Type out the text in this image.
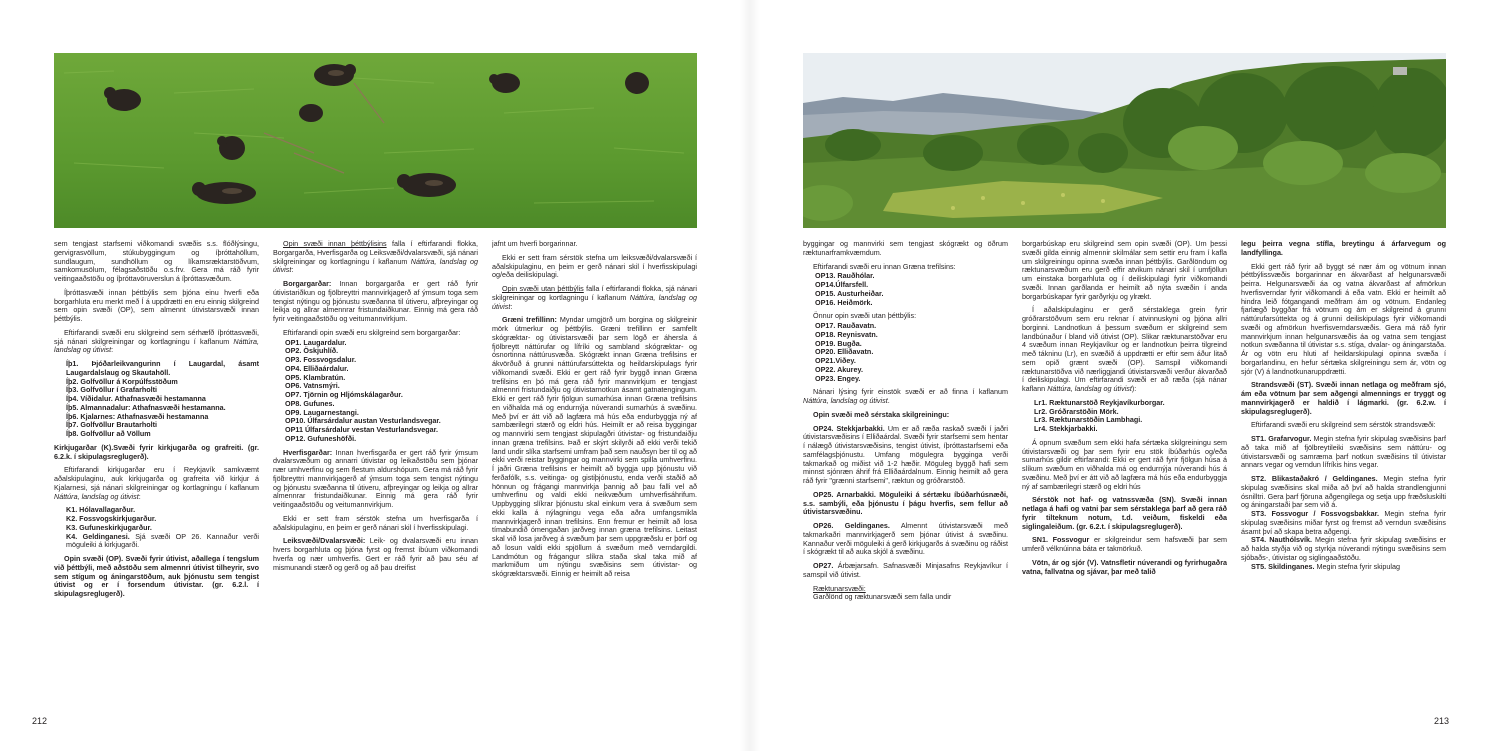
sem tengjast starfsemi viðkomandi svæðis s.s. flóðlýsingu, gervigrasvöllum, stúkubyggingum og íþróttahöllum, sundlaugum, sundhöllum og líkamsræktarstöðvum, samkomusölum, félagsaðstöðu o.s.frv. Gera má ráð fyrir veitingaaðstöðu og íþróttavöruverslun á íþróttasvæðum.

Íþróttasvæði innan þéttbýlis sem þjóna einu hverfi eða borgarhluta eru merkt með Í á uppdrætti en eru einnig skilgreind sem opin svæði (OP), sem almennt útivistarsvæði innan þéttbýlis.

Eftirfarandi svæði eru skilgreind sem sérhæfð íþróttasvæði, sjá nánari skilgreiningar og kortlagningu í kaflanum Náttúra, landslag og útivist:

Íþ1. Þjóðarleikvangurinn í Laugardal, ásamt Laugardalslaug og Skautahöll.
Íþ2. Golfvöllur á Korpúlfsstöðum
Íþ3. Golfvöllur í Grafarholti
Íþ4. Víðidalur. Athafnasvæði hestamanna
Íþ5. Almannadalur: Athafnasvæði hestamanna.
Íþ6. Kjalarnes: Athafnasvæði hestamanna
Íþ7. Golfvöllur Brautarholti
Íþ8. Golfvöllur að Völlum

Kirkjugarðar (K).Svæði fyrir kirkjugarða og grafreiti. (gr. 6.2.k. í skipulagsreglugerð).

Eftirfarandi kirkjugarðar eru í Reykjavík samkvæmt aðalskipulaginu, auk kirkjugarða og grafreita við kirkjur á Kjalarnesi, sjá nánari skilgreiningar og kortlagningu í kaflanum Náttúra, landslag og útivist:

K1. Hólavallagarður.
K2. Fossvogskirkjugarður.
K3. Gufuneskirkjugarður.
K4. Geldinganesi. Sjá svæði OP 26. Kannaður verði möguleiki á kirkjugarði.

Opin svæði (OP). Svæði fyrir útivist, aðallega í tengslum við þéttbýli, með aðstöðu sem almennri útivist tilheyrir, svo sem stígum og áningarstöðum, auk þjónustu sem tengist útivist og er í forsendum útivistar. (gr. 6.2.l. í skipulagsreglugerð).

Opin svæði innan þéttbýlisins falla í eftirfarandi flokka, Borgargarða, Hverfisgarða og Leiksvæði/dvalarsvæði, sjá nánari skilgreiningar og kortlagningu í kaflanum Náttúra, landslag og útivist:

Borgargarðar: Innan borgargarða er gert ráð fyrir útivistariðkun og fjölbreyttri mannvirkjagerð af ýmsum toga sem tengist nýtingu og þjónustu svæðanna til útiveru, afþreyingar og leikja og allrar almennrar fristundaiðkunar. Einnig má gera ráð fyrir veitingaaðstöðu og veitumannvirkjum.

Eftirfarandi opin svæði eru skilgreind sem borgargarðar:

OP1. Laugardalur.
OP2. Öskjuhlíð.
OP3. Fossvogsdalur.
OP4. Elliðaárdalur.
OP5. Klambratún.
OP6. Vatnsmýri.
OP7. Tjörnin og Hljómskálagarður.
OP8. Gufunes.
OP9. Laugarnestangi.
OP10. Úlfarsárdalur austan Vesturlandsvegar.
OP11 Úlfarsárdalur vestan Vesturlandsvegar.
OP12. Gufuneshöfði.

Hverfisgarðar: Innan hverfisgarða er gert ráð fyrir ýmsum dvalarsvæðum og annarri útivistar og leikaðstöðu sem þjónar nær umhverfinu og sem flestum aldurshópum. Gera má ráð fyrir fjölbreyttri mannvirkjagerð af ýmsum toga sem tengist nýtingu og þjónustu svæðanna til útiveru, afþreyingar og leikja og allrar almennrar fristundaiðkunar. Einnig má gera ráð fyrir veitingaaðstöðu og veitumannvirkjum.

Ekki er sett fram sérstök stefna um hverfisgarða í aðalskipulaginu, en þeim er gerð nánari skil í hverfisskipulagi.

Leiksvæði/Dvalarsvæði: Leik- og dvalarsvæði eru innan hvers borgarhluta og þjóna fyrst og fremst íbúum viðkomandi hverfa og nær umhverfis. Gert er ráð fyrir að þau séu af mismunandi stærð og gerð og að þau dreifist

jafnt um hverfi borgarinnar.

Ekki er sett fram sérstök stefna um leiksvæði/dvalarsvæði í aðalskipulaginu, en þeim er gerð nánari skil í hverfisskipulagi og/eða deiliskipulagi.

Opin svæði utan þéttbýlis falla í eftirfarandi flokka, sjá nánari skilgreiningar og kortlagningu í kaflanum Náttúra, landslag og útivist:

Græni trefillinn: Myndar umgjörð um borgina og skilgreinir mörk útmerkur og þéttbýlis. Græni trefillinn er samfellt skógræktar- og útivistarsvæði þar sem lögð er áhersla á fjölbreytt náttúrufar og lífríki og sambland skógræktar- og ósnortinna náttúrusvæða. Skógrækt innan Græna trefilsins er ákvörðuð á grunni náttúrufarsúttekta og heildarskipulags fyrir viðkomandi svæði. Ekki er gert ráð fyrir byggð innan Græna trefilsins en þó má gera ráð fyrir mannvirkjum er tengjast almennri fristundaiðju og útivistarnotkun ásamt gatnatengingum. Ekki er gert ráð fyrir fjölgun sumarhúsa innan Græna trefilsins en viðhalda má og endurnýja núverandi sumarhús á svæðinu. Með því er átt við að lagfæra má hús eða endurbyggja ný af sambærilegri stærð og eldri hús. Heimilt er að reisa byggingar og mannvirki sem tengjast skipulagðri útivistar- og fristundaiðju innan græna trefilsins. Það er skýrt skilyrði að ekki verði tekið land undir slíka starfsemi umfram það sem nauðsyn ber til og að ekki verði reistar byggingar og mannvirki sem spilla umhverfinu. Í jaðri Græna trefilsins er heimilt að byggja upp þjónustu við ferðafólk, s.s. veitinga- og gistiþjónustu, enda verði staðið að hönnun og frágangi mannvirkja þannig að þau falli vel að umhverfinu og valdi ekki neikvæðum umhverfisáhrifum. Uppbygging slíkrar þjónustu skal einkum vera á svæðum sem ekki kalla á nýlagningu vega eða aðra umfangsmikla mannvirkjagerð innan trefilsins. Enn fremur er heimilt að losa tímabundið ómengaðan jarðveg innan græna trefilsins. Leitast skal við losa jarðveg á svæðum þar sem uppgræðslu er þörf og að losun valdi ekki spjöllum á svæðum með verndargildi. Landmótun og frágangur slíkra staða skal taka mið af markmiðum um nýtingu svæðisins sem útivistar- og skógræktarsvæði. Einnig er heimilt að reisa

212

byggingar og mannvirki sem tengjast skógrækt og öðrum ræktunarframkvæmdum.

Eftirfarandi svæði eru innan Græna trefilsins:

OP13. Rauðhólar.
OP14.Úlfarsfell.
OP15. Austurheiðar.
OP16. Heiðmörk.

Önnur opin svæði utan þéttbýlis:

OP17. Rauðavatn.
OP18. Reynisvatn.
OP19. Bugða.
OP20. Elliðavatn.
OP21.Viðey.
OP22. Akurey.
OP23. Engey.

Nánari lýsing fyrir einstök svæði er að finna í kaflanum Náttúra, landslag og útivist.

Opin svæði með sérstaka skilgreiningu:

OP24. Stekkjarbakki. Um er að ræða raskað svæði í jaðri útivistarsvæðisins í Elliðaárdal. Svæði fyrir starfsemi sem hentar í nálægð útivistarsvæðisins, tengist útivist, íþróttastarfsemi eða samfélagsþjónustu. Umfang mögulegra bygginga verði takmarkað og miðist við 1-2 hæðir. Möguleg byggð hafi sem minnst sjónræn áhrif frá Elliðaárdalnum. Einnig heimilt að gera ráð fyrir "grænni starfsemi", ræktun og gróðrarstöð.

OP25. Arnarbakki. Möguleiki á sértæku íbúðarhúsnæði, s.s. sambýli, eða þjónustu í þágu hverfis, sem fellur að útivistarsvæðinu.

OP26. Geldinganes. Almennt útivistarsvæði með takmarkaðri mannvirkjagerð sem þjónar útivist á svæðinu. Kannaður verði möguleiki á gerð kirkjugarðs á svæðinu og ráðist í skógrækt til að auka skjól á svæðinu.

OP27. Árbæjarsafn. Safnasvæði Minjasafns Reykjavíkur í samspil við útivist.

Ræktunarsvæði:

Garðlönd og ræktunarsvæði sem falla undir

borgarbúskap eru skilgreind sem opin svæði (OP). Um þessi svæði gilda einnig almennir skilmálar sem settir eru fram í kafla um skilgreiningu opinna svæða innan þéttbýlis. Garðlöndum og ræktunarsvæðum eru gerð effir atvikum nánari skil í umfjöllun um einstaka borgarhluta og í deiliskipulagi fyrir viðkomandi svæði. Innan garðlanda er heimilt að nýta svæðin í anda borgarbúskapar fyrir garðyrkju og ylrækt.

Í aðalskipulaginu er gerð sérstaklega grein fyrir gróðrarstöðvum sem eru reknar í atvinnuskyni og þjóna allri borginni. Landnotkun á þessum svæðum er skilgreind sem landbúnaður í bland við útivist (OP). Slikar ræktunarstöðvar eru 4 svæðum innan Reykjavíkur og er landnotkun þeirra tilgreind með tákninu (Lr), en svæðið á uppdrætti er eftir sem áður litað sem opið grænt svæði (OP). Samspil viðkomandi ræktunarstöðva við nærliggjandi útivistarsvæði verður ákvarðað í deiliskipulagi. Um eftirfarandi svæði er að ræða (sjá nánar kaflann Náttúra, landslag og útivist):

Lr1. Ræktunarstöð Reykjavíkurborgar.
Lr2. Gróðrarstöðin Mörk.
Lr3. Ræktunarstöðin Lambhagi.
Lr4. Stekkjarbakki.

Á opnum svæðum sem ekki hafa sértæka skilgreiningu sem útivistarsvæði og þar sem fyrir eru stök íbúðarhús og/eða sumarhús gildir eftirfarandi: Ekki er gert ráð fyrir fjölgun húsa á slíkum svæðum en viðhalda má og endurnýja núverandi hús á svæðinu. Með því er átt við að lagfæra má hús eða endurbyggja ný af sambærilegri stærð og eldri hús

Sérstök not haf- og vatnssvæða (SN). Svæði innan netlaga á hafi og vatni þar sem sérstaklega þarf að gera ráð fyrir tilteknum notum, t.d. veiðum, fiskeldi eða siglingaleiðum. (gr. 6.2.t. í skipulagsreglugerð).

SN1. Fossvogur er skilgreindur sem hafsvæði þar sem umferð vélknúinna báta er takmörkuð.

Vötn, ár og sjór (V). Vatnsfletir núverandi og fyrirhugaðra vatna, fallvatna og sjávar, þar með talið

legu þeirra vegna stífla, breytingu á árfarvegum og landfyllinga.

Ekki gert ráð fyrir að byggt sé nær ám og vötnum innan þéttbýlissvæðis borgarinnar en ákvarðast af helgunarsvæði þeirra. Helgunarsvæði áa og vatna ákvarðast af afmörkun hverfisverndar fyrir viðkomandi á eða vatn. Ekki er heimilt að hindra leið fótgangandi meðfram ám og vötnum. Endanleg fjarlægð byggðar frá vötnum og ám er skilgreind á grunni náttúrufarsúttekta og á grunni deiliskipulags fyrir viðkomandi svæði og afmörkun hverfisverndarsvæðis. Gera má ráð fyrir mannvirkjum innan helgunarsvæðis áa og vatna sem tengjast notkun svæðanna til útivistar s.s. stíga, dvalar- og áningarstaða. Ár og vötn eru hluti af heildarskipulagi opinna svæða í borgarlandinu, en hefur sértæka skilgreiningu sem ár, vötn og sjór (V) á landnotkunaruppdrætti.

Strandsvæði (ST). Svæði innan netlaga og meðfram sjó, ám eða vötnum þar sem aðgengi almennings er tryggt og mannvirkjagerð er haldið í lágmarki. (gr. 6.2.w. í skipulagsreglugerð).

Eftirfarandi svæði eru skilgreind sem sérstök strandsvæði:

ST1. Grafarvogur. Megin stefna fyrir skipulag svæðisins þarf að taka mið af fjölbreytileiki svæðisins sem náttúru- og útivistarsvæði og samræma þarf notkun svæðisins til útivistar annars vegar og verndun lífríkis hins vegar.

ST2. Blikastaðakró / Geldinganes. Megin stefna fyrir skipulag svæðisins skal miða að því að halda strandlengjunni ósnilltri. Gera þarf fjöruna aðgengilega og setja upp fræðsluskilti og áningarstaði þar sem við á.

ST3. Fossvogur / Fossvogsbakkar. Megin stefna fyrir skipulag svæðisins miðar fyrst og fremst að verndun svæðisins ásamt því að skapa betra aðgengi.

ST4. Nauthólsvík. Megin stefna fyrir skipulag svæðisins er að halda styðja við og styrkja núverandi nýtingu svæðisins sem sjóbaðs-, útivistar og siglingaaðstöðu.

ST5. Skildinganes. Megin stefna fyrir skipulag

213
